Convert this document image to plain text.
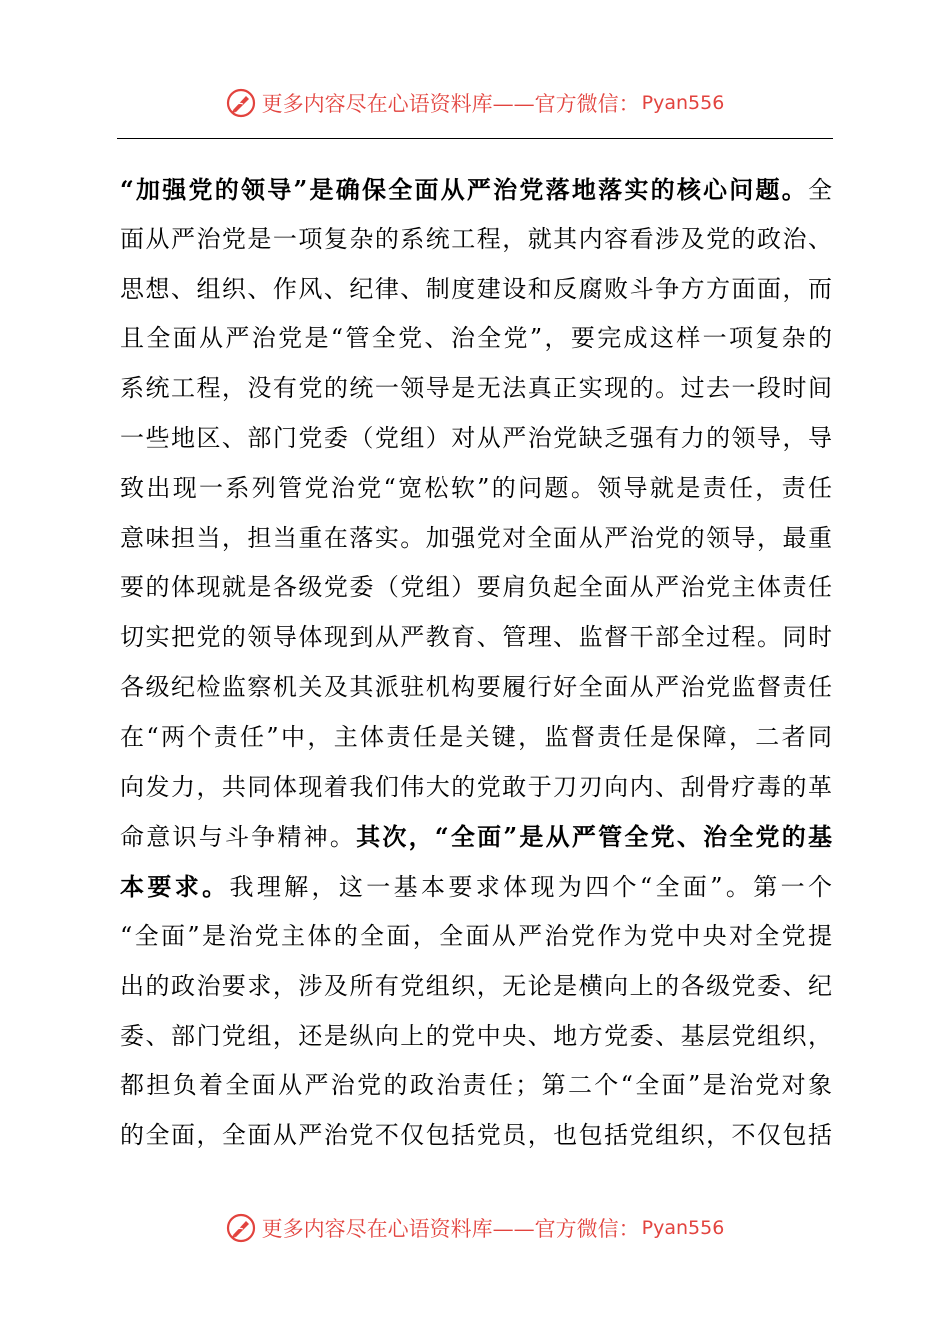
更多内容尽在心语资料库——官方微信： Pyan556
“加强党的领导”是确保全面从严治党落地落实的核心问题。全
面从严治党是一项复杂的系统工程，就其内容看涉及党的政治、
思想、组织、作风、纪律、制度建设和反腐败斗争方方面面，而
且全面从严治党是“管全党、治全党”，要完成这样一项复杂的
系统工程，没有党的统一领导是无法真正实现的。过去一段时间
一些地区、部门党委（党组）对从严治党缺乏强有力的领导，导
致出现一系列管党治党“宽松软”的问题。领导就是责任，责任
意味担当，担当重在落实。加强党对全面从严治党的领导，最重
要的体现就是各级党委（党组）要肩负起全面从严治党主体责任
切实把党的领导体现到从严教育、管理、监督干部全过程。同时
各级纪检监察机关及其派驻机构要履行好全面从严治党监督责任
在“两个责任”中，主体责任是关键，监督责任是保障，二者同
向发力，共同体现着我们伟大的党敢于刀刃向内、刮骨疗毒的革
命意识与斗争精神。其次，“全面”是从严管全党、治全党的基
本要求。我理解，这一基本要求体现为四个“全面”。第一个
“全面”是治党主体的全面，全面从严治党作为党中央对全党提
出的政治要求，涉及所有党组织，无论是横向上的各级党委、纪
委、部门党组，还是纵向上的党中央、地方党委、基层党组织，
都担负着全面从严治党的政治责任；第二个“全面”是治党对象
的全面，全面从严治党不仅包括党员，也包括党组织，不仅包括
更多内容尽在心语资料库——官方微信： Pyan556
